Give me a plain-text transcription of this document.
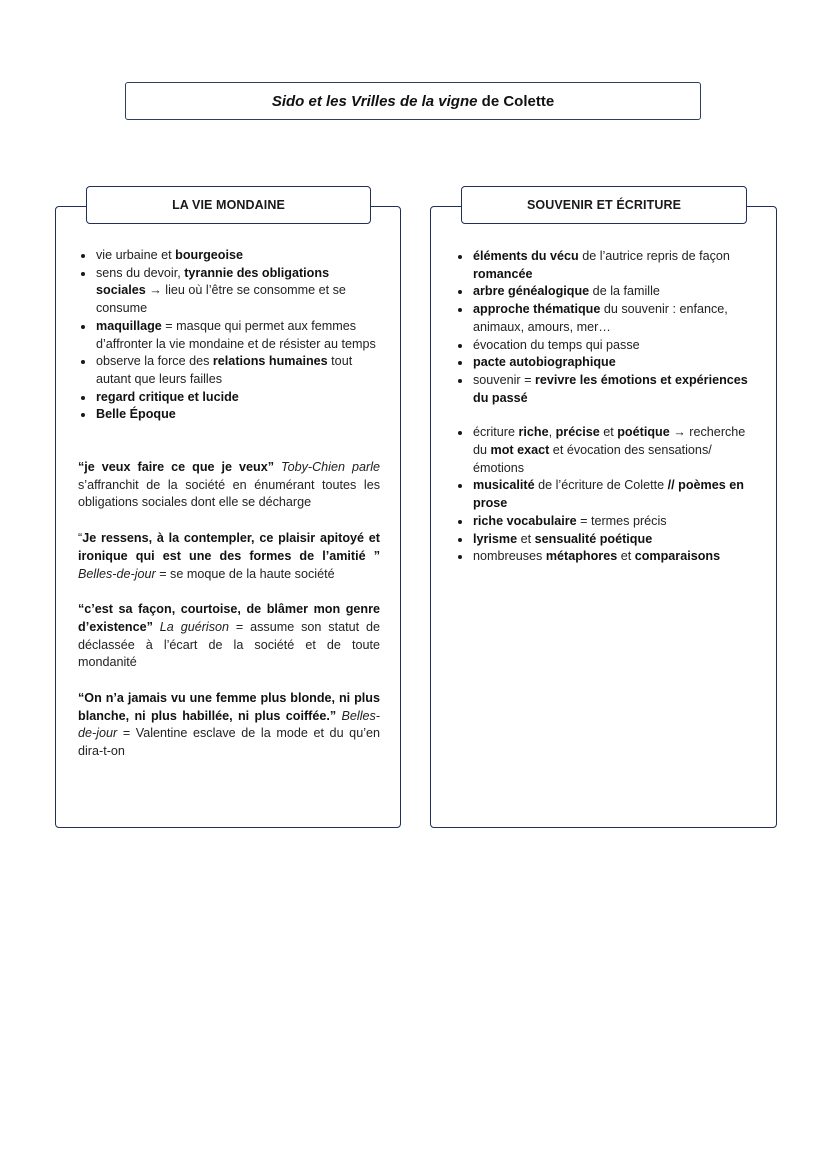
Sido et les Vrilles de la vigne de Colette
LA VIE MONDAINE	SOUVENIR ET ÉCRITURE
vie urbaine et bourgeoise
sens du devoir, tyrannie des obligations sociales → lieu où l’être se consomme et se consume
maquillage = masque qui permet aux femmes d’affronter la vie mondaine et de résister au temps
observe la force des relations humaines tout autant que leurs failles
regard critique et lucide
Belle Époque

“je veux faire ce que je veux” Toby-Chien parle s’affranchit de la société en énumérant toutes les obligations sociales dont elle se décharge

“Je ressens, à la contempler, ce plaisir apitoyé et ironique qui est une des formes de l’amitié ” Belles-de-jour = se moque de la haute société

“c’est sa façon, courtoise, de blâmer mon genre d’existence” La guérison = assume son statut de déclassée à l’écart de la société et de toute mondanité

“On n’a jamais vu une femme plus blonde, ni plus blanche, ni plus habillée, ni plus coiffée.” Belles-de-jour = Valentine esclave de la mode et du qu’en dira-t-on

éléments du vécu de l’autrice repris de façon romancée
arbre généalogique de la famille
approche thématique du souvenir : enfance, animaux, amours, mer…
évocation du temps qui passe
pacte autobiographique
souvenir = revivre les émotions et expériences du passé
écriture riche, précise et poétique → recherche du mot exact et évocation des sensations/émotions
musicalité de l’écriture de Colette // poèmes en prose
riche vocabulaire = termes précis
lyrisme et sensualité poétique
nombreuses métaphores et comparaisons
